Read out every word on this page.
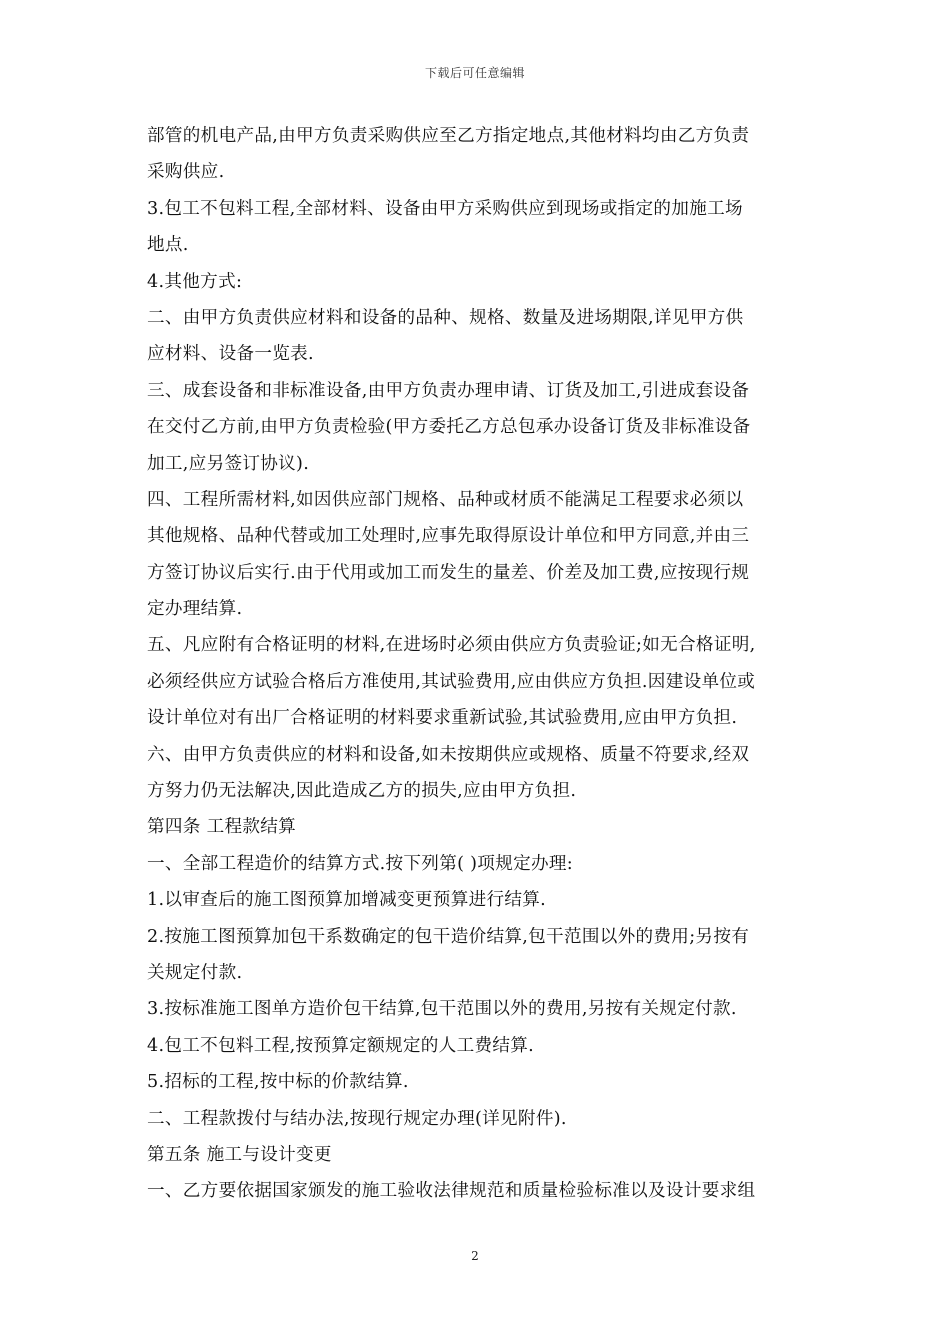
下载后可任意编辑
部管的机电产品,由甲方负责采购供应至乙方指定地点,其他材料均由乙方负责
采购供应.
3.包工不包料工程,全部材料、设备由甲方采购供应到现场或指定的加施工场
地点.
4.其他方式:
二、由甲方负责供应材料和设备的品种、规格、数量及进场期限,详见甲方供
应材料、设备一览表.
三、成套设备和非标准设备,由甲方负责办理申请、订货及加工,引进成套设备
在交付乙方前,由甲方负责检验(甲方委托乙方总包承办设备订货及非标准设备
加工,应另签订协议).
四、工程所需材料,如因供应部门规格、品种或材质不能满足工程要求必须以
其他规格、品种代替或加工处理时,应事先取得原设计单位和甲方同意,并由三
方签订协议后实行.由于代用或加工而发生的量差、价差及加工费,应按现行规
定办理结算.
五、凡应附有合格证明的材料,在进场时必须由供应方负责验证;如无合格证明,
必须经供应方试验合格后方准使用,其试验费用,应由供应方负担.因建设单位或
设计单位对有出厂合格证明的材料要求重新试验,其试验费用,应由甲方负担.
六、由甲方负责供应的材料和设备,如未按期供应或规格、质量不符要求,经双
方努力仍无法解决,因此造成乙方的损失,应由甲方负担.
第四条 工程款结算
一、全部工程造价的结算方式.按下列第( )项规定办理:
1.以审查后的施工图预算加增减变更预算进行结算.
2.按施工图预算加包干系数确定的包干造价结算,包干范围以外的费用;另按有
关规定付款.
3.按标准施工图单方造价包干结算,包干范围以外的费用,另按有关规定付款.
4.包工不包料工程,按预算定额规定的人工费结算.
5.招标的工程,按中标的价款结算.
二、工程款拨付与结办法,按现行规定办理(详见附件).
第五条 施工与设计变更
一、乙方要依据国家颁发的施工验收法律规范和质量检验标准以及设计要求组
2
